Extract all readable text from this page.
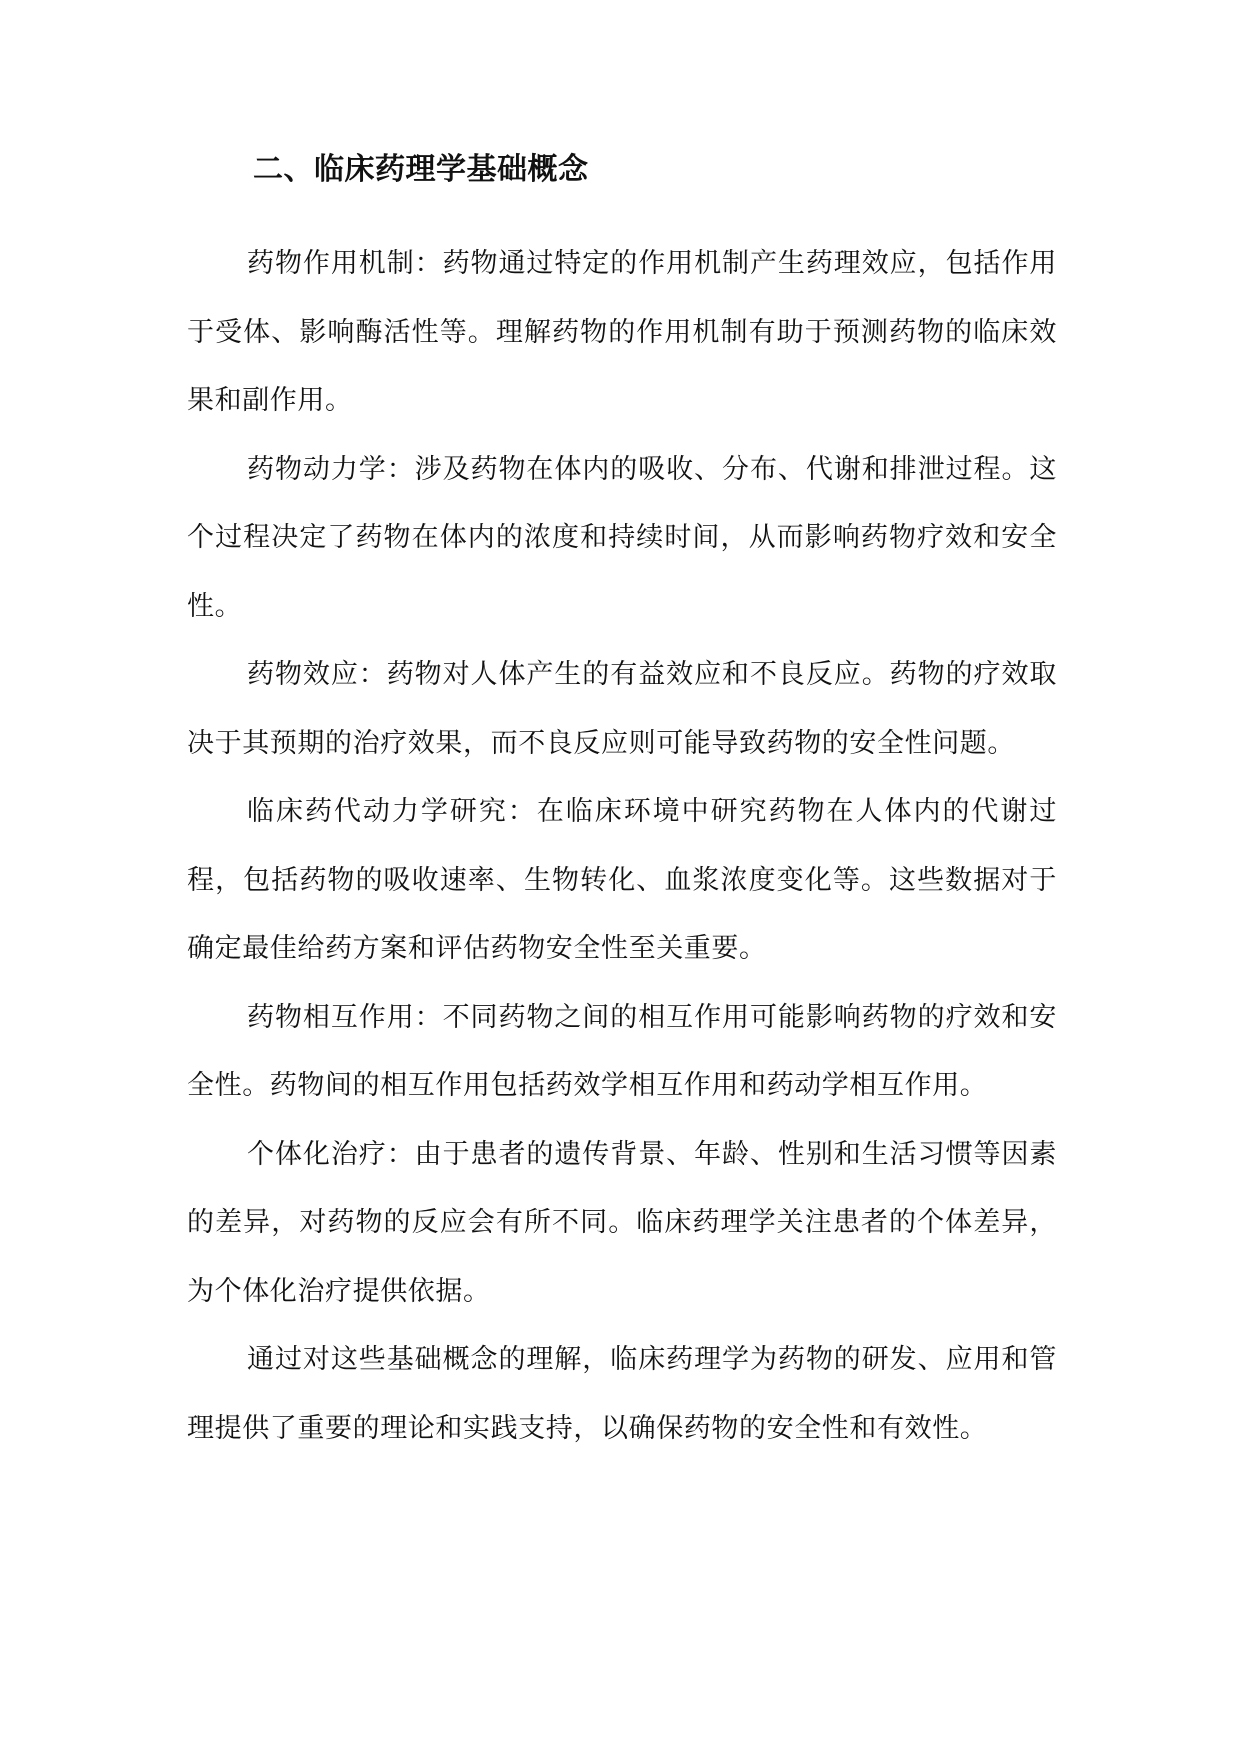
二、临床药理学基础概念

药物作用机制：药物通过特定的作用机制产生药理效应，包括作用于受体、影响酶活性等。理解药物的作用机制有助于预测药物的临床效果和副作用。

药物动力学：涉及药物在体内的吸收、分布、代谢和排泄过程。这个过程决定了药物在体内的浓度和持续时间，从而影响药物疗效和安全性。

药物效应：药物对人体产生的有益效应和不良反应。药物的疗效取决于其预期的治疗效果，而不良反应则可能导致药物的安全性问题。

临床药代动力学研究：在临床环境中研究药物在人体内的代谢过程，包括药物的吸收速率、生物转化、血浆浓度变化等。这些数据对于确定最佳给药方案和评估药物安全性至关重要。

药物相互作用：不同药物之间的相互作用可能影响药物的疗效和安全性。药物间的相互作用包括药效学相互作用和药动学相互作用。

个体化治疗：由于患者的遗传背景、年龄、性别和生活习惯等因素的差异，对药物的反应会有所不同。临床药理学关注患者的个体差异，为个体化治疗提供依据。

通过对这些基础概念的理解，临床药理学为药物的研发、应用和管理提供了重要的理论和实践支持，以确保药物的安全性和有效性。
